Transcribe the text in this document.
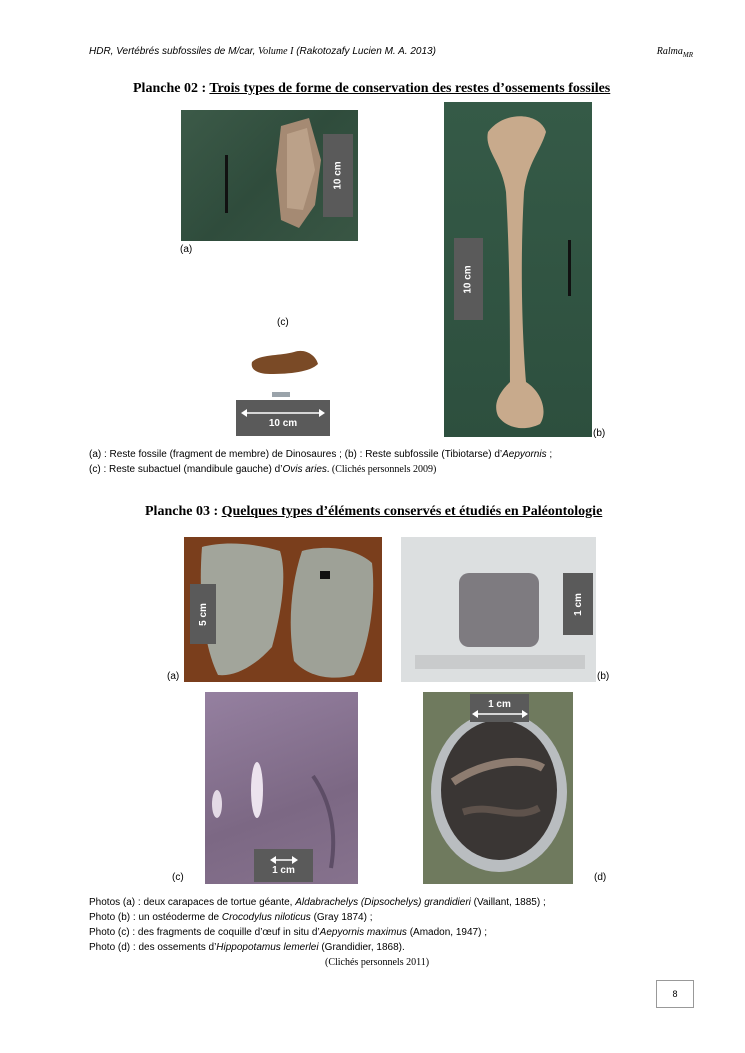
HDR, Vertébrés subfossiles de M/car, Volume I (Rakotozafy Lucien M. A. 2013)	Ralma$_{MR}$
Planche 02 : Trois types de forme de conservation des restes d’ossements fossiles
10 cm
(a)
10 cm
(b)
(c)
10 cm
(a) : Reste fossile (fragment de membre) de Dinosaures ; (b) : Reste subfossile (Tibiotarse) d’Aepyornis ;
(c) : Reste subactuel (mandibule gauche) d’Ovis aries. (Clichés personnels 2009)
Planche 03 : Quelques types d’éléments conservés et étudiés en Paléontologie
5 cm
(a)
1 cm
(b)
1 cm
(c)
1 cm
(d)
Photos (a) : deux carapaces de tortue géante, Aldabrachelys (Dipsochelys) grandidieri (Vaillant, 1885) ;
Photo (b) : un ostéoderme de Crocodylus niloticus (Gray 1874) ;
Photo (c) : des fragments de coquille d’œuf in situ d’Aepyornis maximus (Amadon, 1947) ;
Photo (d) : des ossements d’Hippopotamus lemerlei (Grandidier, 1868).
(Clichés personnels 2011)
8
